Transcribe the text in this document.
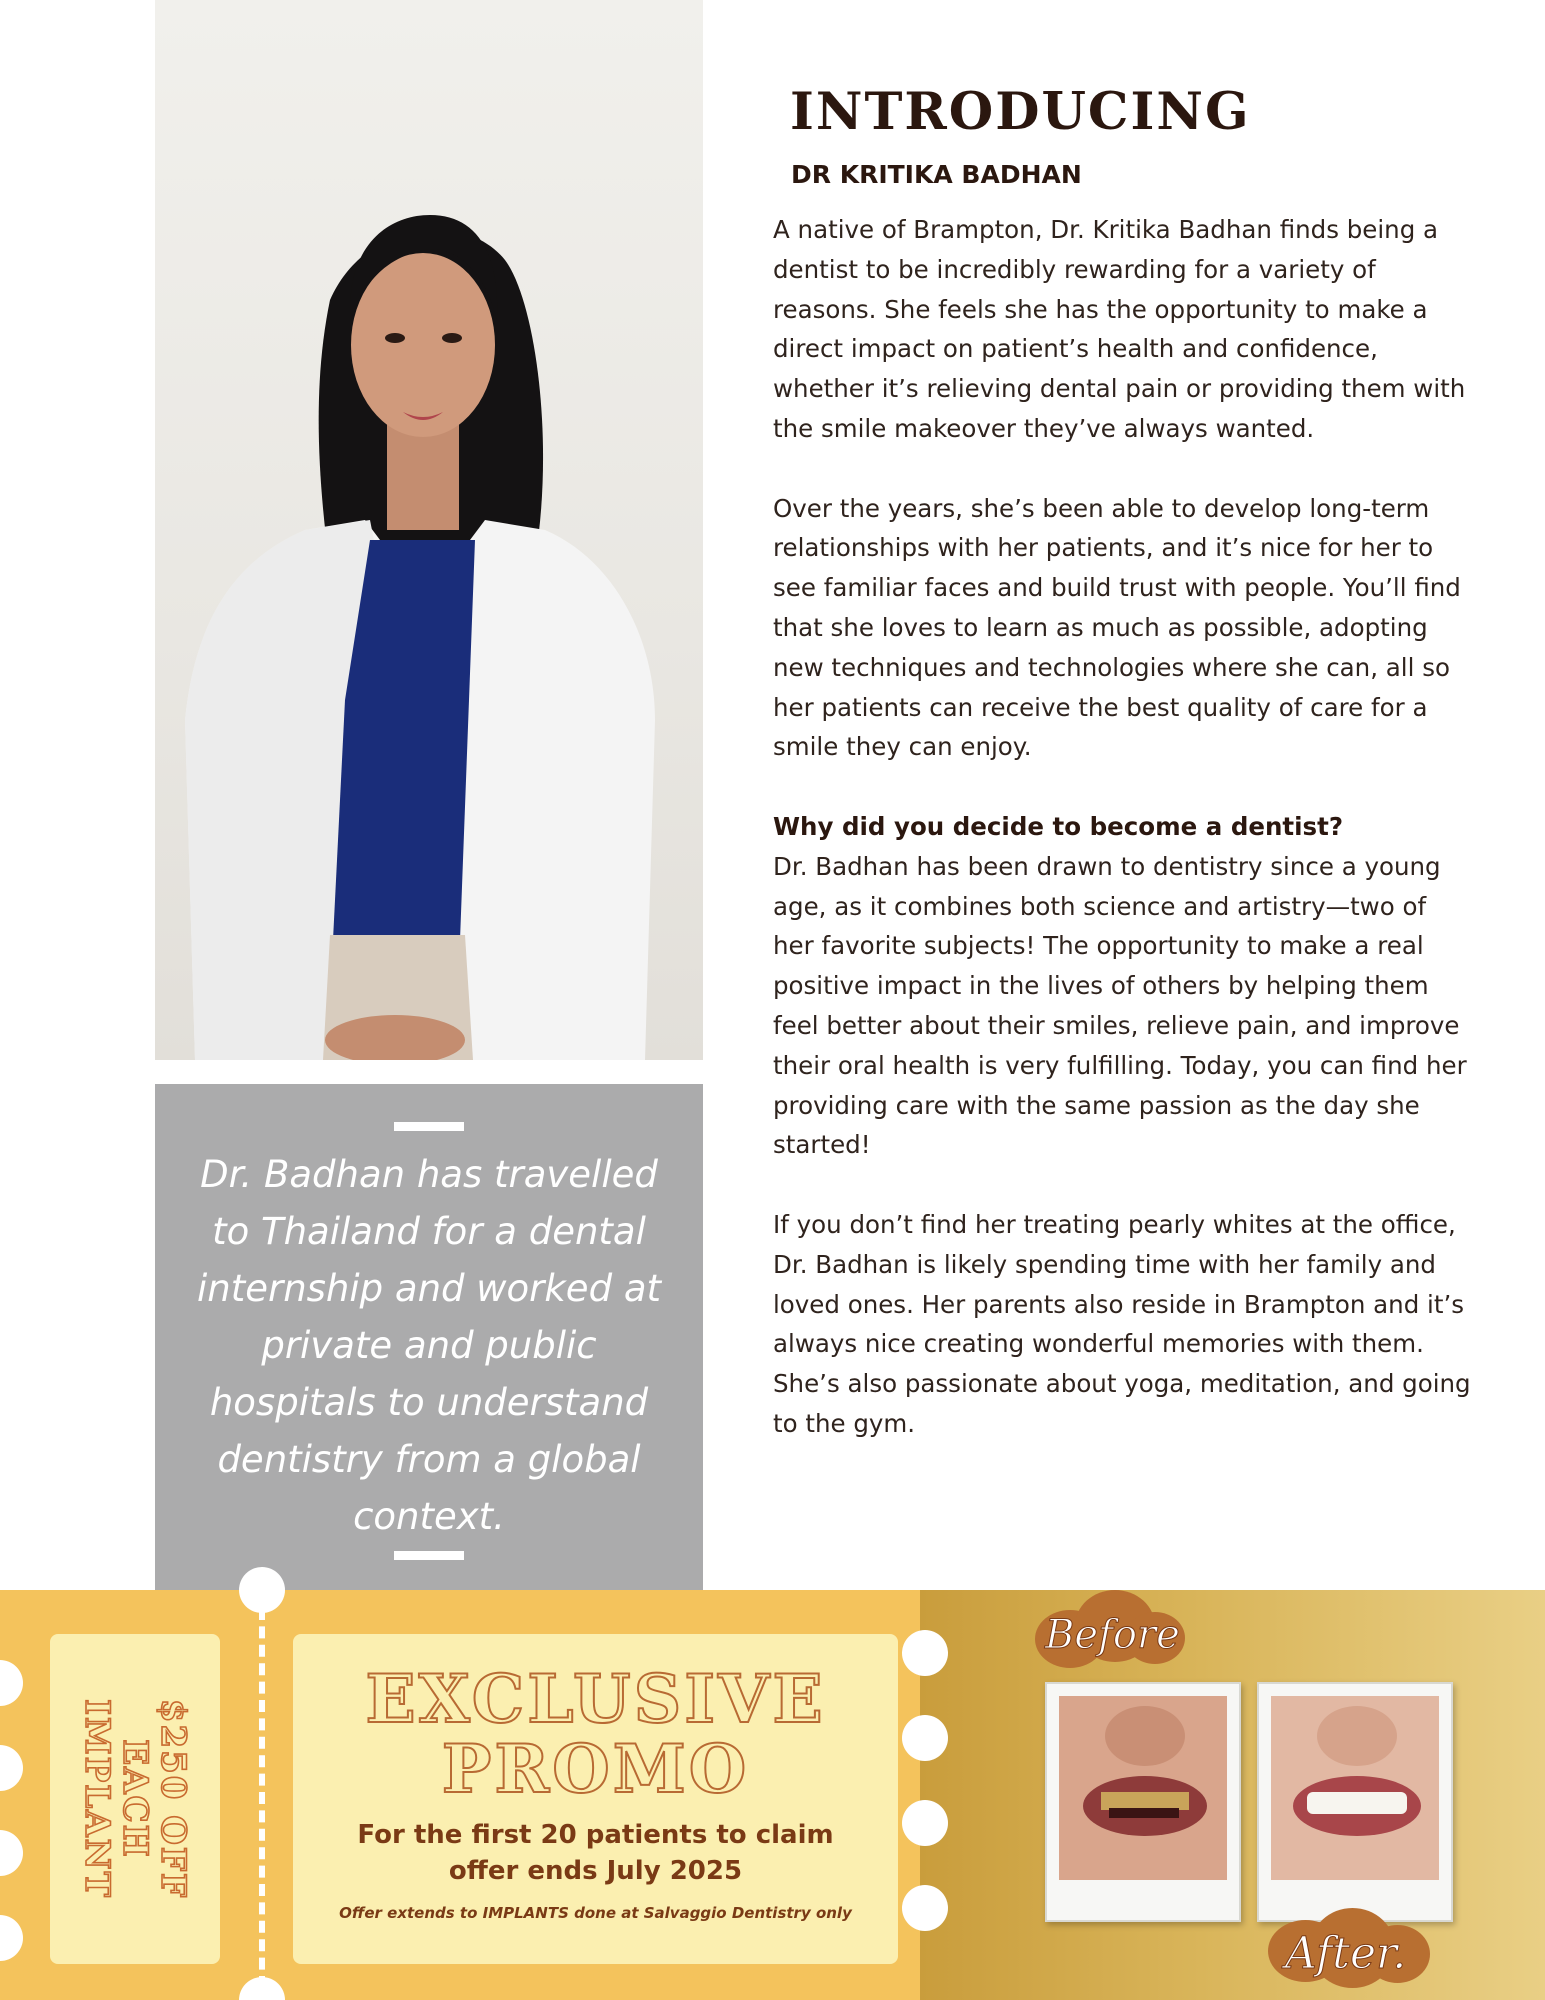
Dr. Badhan has travelled to Thailand for a dental internship and worked at private and public hospitals to understand dentistry from a global context.
INTRODUCING
DR KRITIKA BADHAN

A native of Brampton, Dr. Kritika Badhan finds being a dentist to be incredibly rewarding for a variety of reasons. She feels she has the opportunity to make a direct impact on patient’s health and confidence, whether it’s relieving dental pain or providing them with the smile makeover they’ve always wanted.

Over the years, she’s been able to develop long-term relationships with her patients, and it’s nice for her to see familiar faces and build trust with people. You’ll find that she loves to learn as much as possible, adopting new techniques and technologies where she can, all so her patients can receive the best quality of care for a smile they can enjoy.

Why did you decide to become a dentist?
Dr. Badhan has been drawn to dentistry since a young age, as it combines both science and artistry—two of her favorite subjects! The opportunity to make a real positive impact in the lives of others by helping them feel better about their smiles, relieve pain, and improve their oral health is very fulfilling. Today, you can find her providing care with the same passion as the day she started!

If you don’t find her treating pearly whites at the office, Dr. Badhan is likely spending time with her family and loved ones. Her parents also reside in Brampton and it’s always nice creating wonderful memories with them. She’s also passionate about yoga, meditation, and going to the gym.

$250 OFF
EACH
IMPLANT
EXCLUSIVE
PROMO
For the first 20 patients to claim
offer ends July 2025
Offer extends to IMPLANTS done at Salvaggio Dentistry only
Before
After.
